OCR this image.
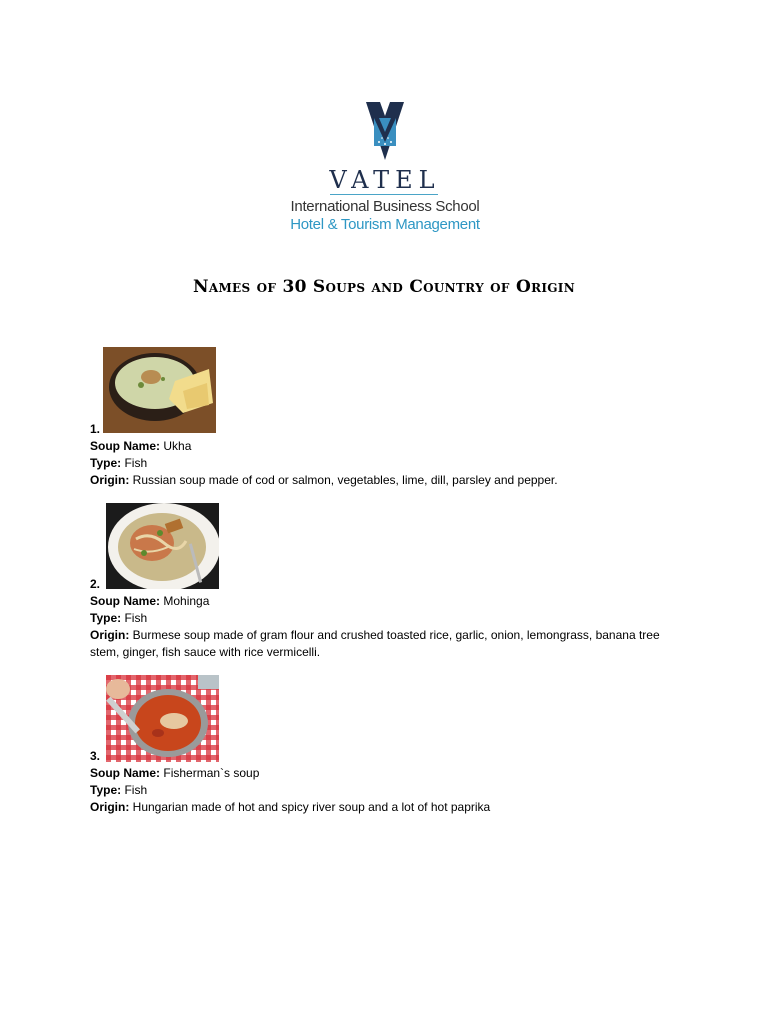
VATEL
International Business School
Hotel & Tourism Management
Names of 30 Soups and Country of Origin
1.
Soup Name: Ukha
Type: Fish
Origin: Russian soup made of cod or salmon, vegetables, lime, dill, parsley and pepper.
2.
Soup Name: Mohinga
Type: Fish
Origin: Burmese soup made of gram flour and crushed toasted rice, garlic, onion, lemongrass, banana tree stem, ginger, fish sauce with rice vermicelli.
3.
Soup Name: Fisherman`s soup
Type: Fish
Origin: Hungarian made of hot and spicy river soup and a lot of hot paprika
